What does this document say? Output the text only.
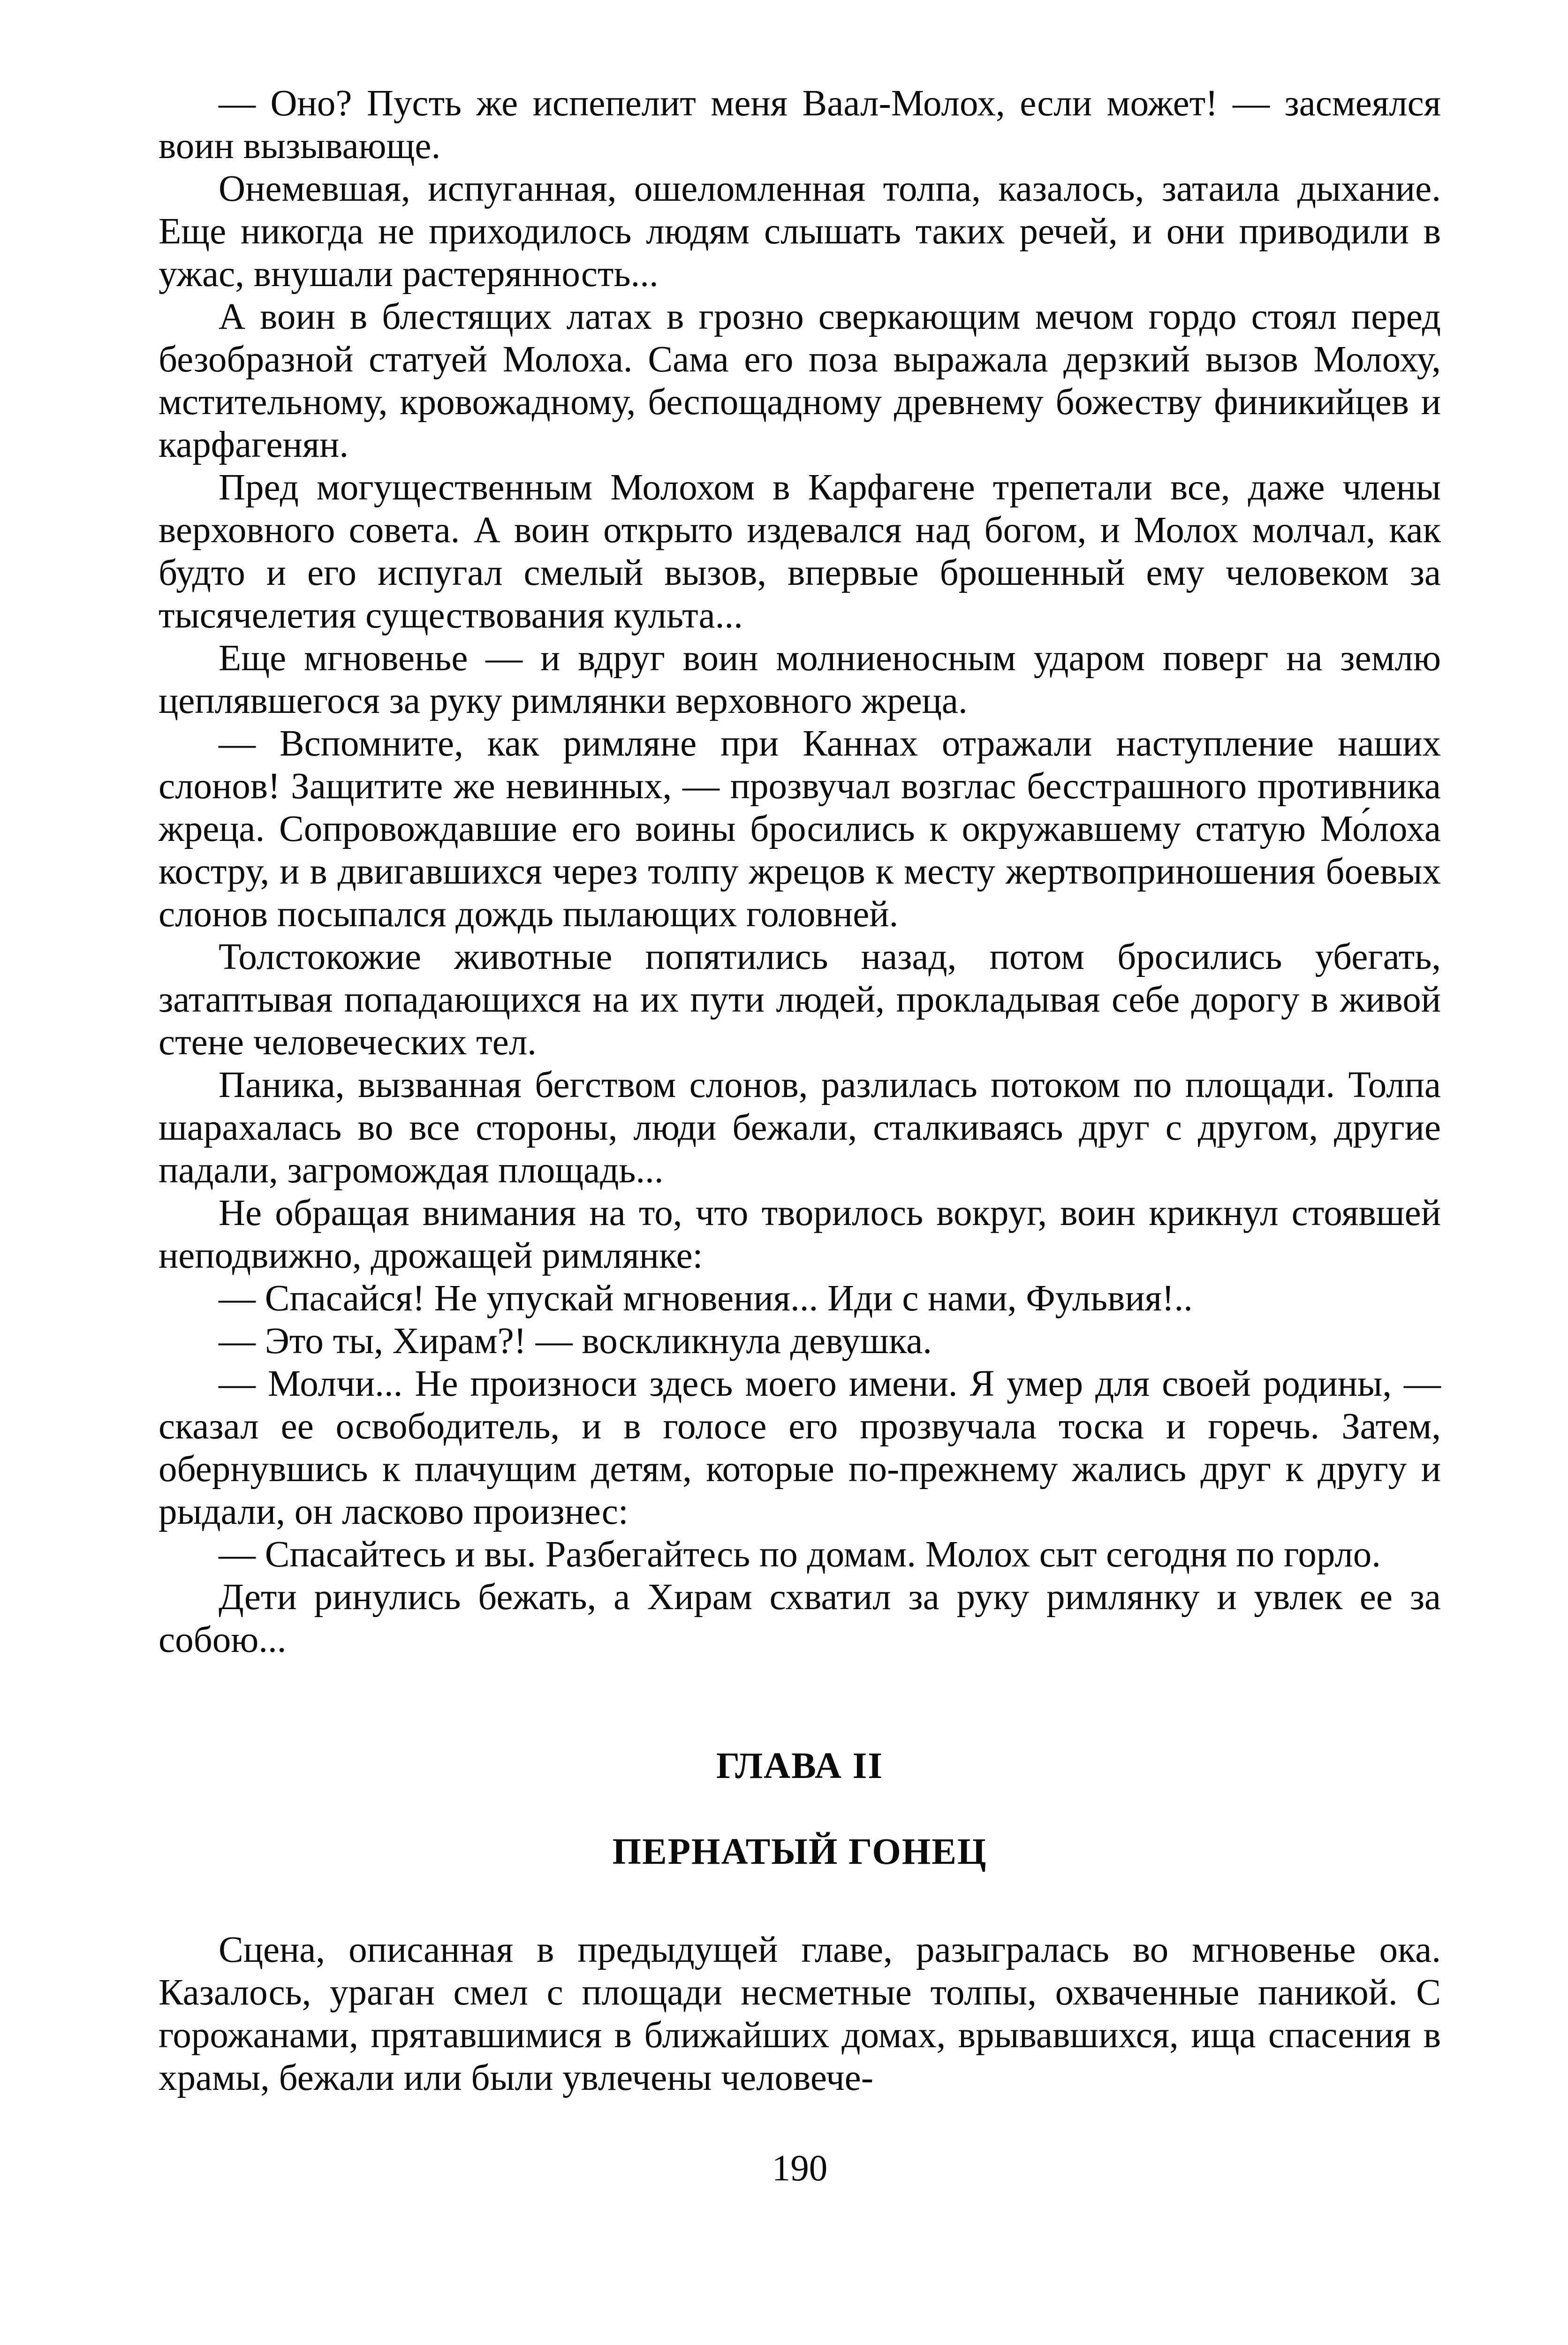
— Оно? Пусть же испепелит меня Ваал-Молох, если может! — засмеялся воин вызывающе.

Онемевшая, испуганная, ошеломленная толпа, казалось, затаила дыхание. Еще никогда не приходилось людям слышать таких речей, и они приводили в ужас, внушали растерянность...

А воин в блестящих латах в грозно сверкающим мечом гордо стоял перед безобразной статуей Молоха. Сама его поза выражала дерзкий вызов Молоху, мстительному, кровожадному, беспощадному древнему божеству финикийцев и карфагенян.

Пред могущественным Молохом в Карфагене трепетали все, даже члены верховного совета. А воин открыто издевался над богом, и Молох молчал, как будто и его испугал смелый вызов, впервые брошенный ему человеком за тысячелетия существования культа...

Еще мгновенье — и вдруг воин молниеносным ударом поверг на землю цеплявшегося за руку римлянки верховного жреца.

— Вспомните, как римляне при Каннах отражали наступление наших слонов! Защитите же невинных, — прозвучал возглас бесстрашного противника жреца. Сопровождавшие его воины бросились к окружавшему статую Мо́лоха костру, и в двигавшихся через толпу жрецов к месту жертвоприношения боевых слонов посыпался дождь пылающих головней.

Толстокожие животные попятились назад, потом бросились убегать, затаптывая попадающихся на их пути людей, прокладывая себе дорогу в живой стене человеческих тел.

Паника, вызванная бегством слонов, разлилась потоком по площади. Толпа шарахалась во все стороны, люди бежали, сталкиваясь друг с другом, другие падали, загромождая площадь...

Не обращая внимания на то, что творилось вокруг, воин крикнул стоявшей неподвижно, дрожащей римлянке:

— Спасайся! Не упускай мгновения... Иди с нами, Фульвия!..

— Это ты, Хирам?! — воскликнула девушка.

— Молчи... Не произноси здесь моего имени. Я умер для своей родины, — сказал ее освободитель, и в голосе его прозвучала тоска и горечь. Затем, обернувшись к плачущим детям, которые по-прежнему жались друг к другу и рыдали, он ласково произнес:

— Спасайтесь и вы. Разбегайтесь по домам. Молох сыт сегодня по горло.

Дети ринулись бежать, а Хирам схватил за руку римлянку и увлек ее за собою...

ГЛАВА II
ПЕРНАТЫЙ ГОНЕЦ

Сцена, описанная в предыдущей главе, разыгралась во мгновенье ока. Казалось, ураган смел с площади несметные толпы, охваченные паникой. С горожанами, прятавшимися в ближайших домах, врывавшихся, ища спасения в храмы, бежали или были увлечены человече-

190
